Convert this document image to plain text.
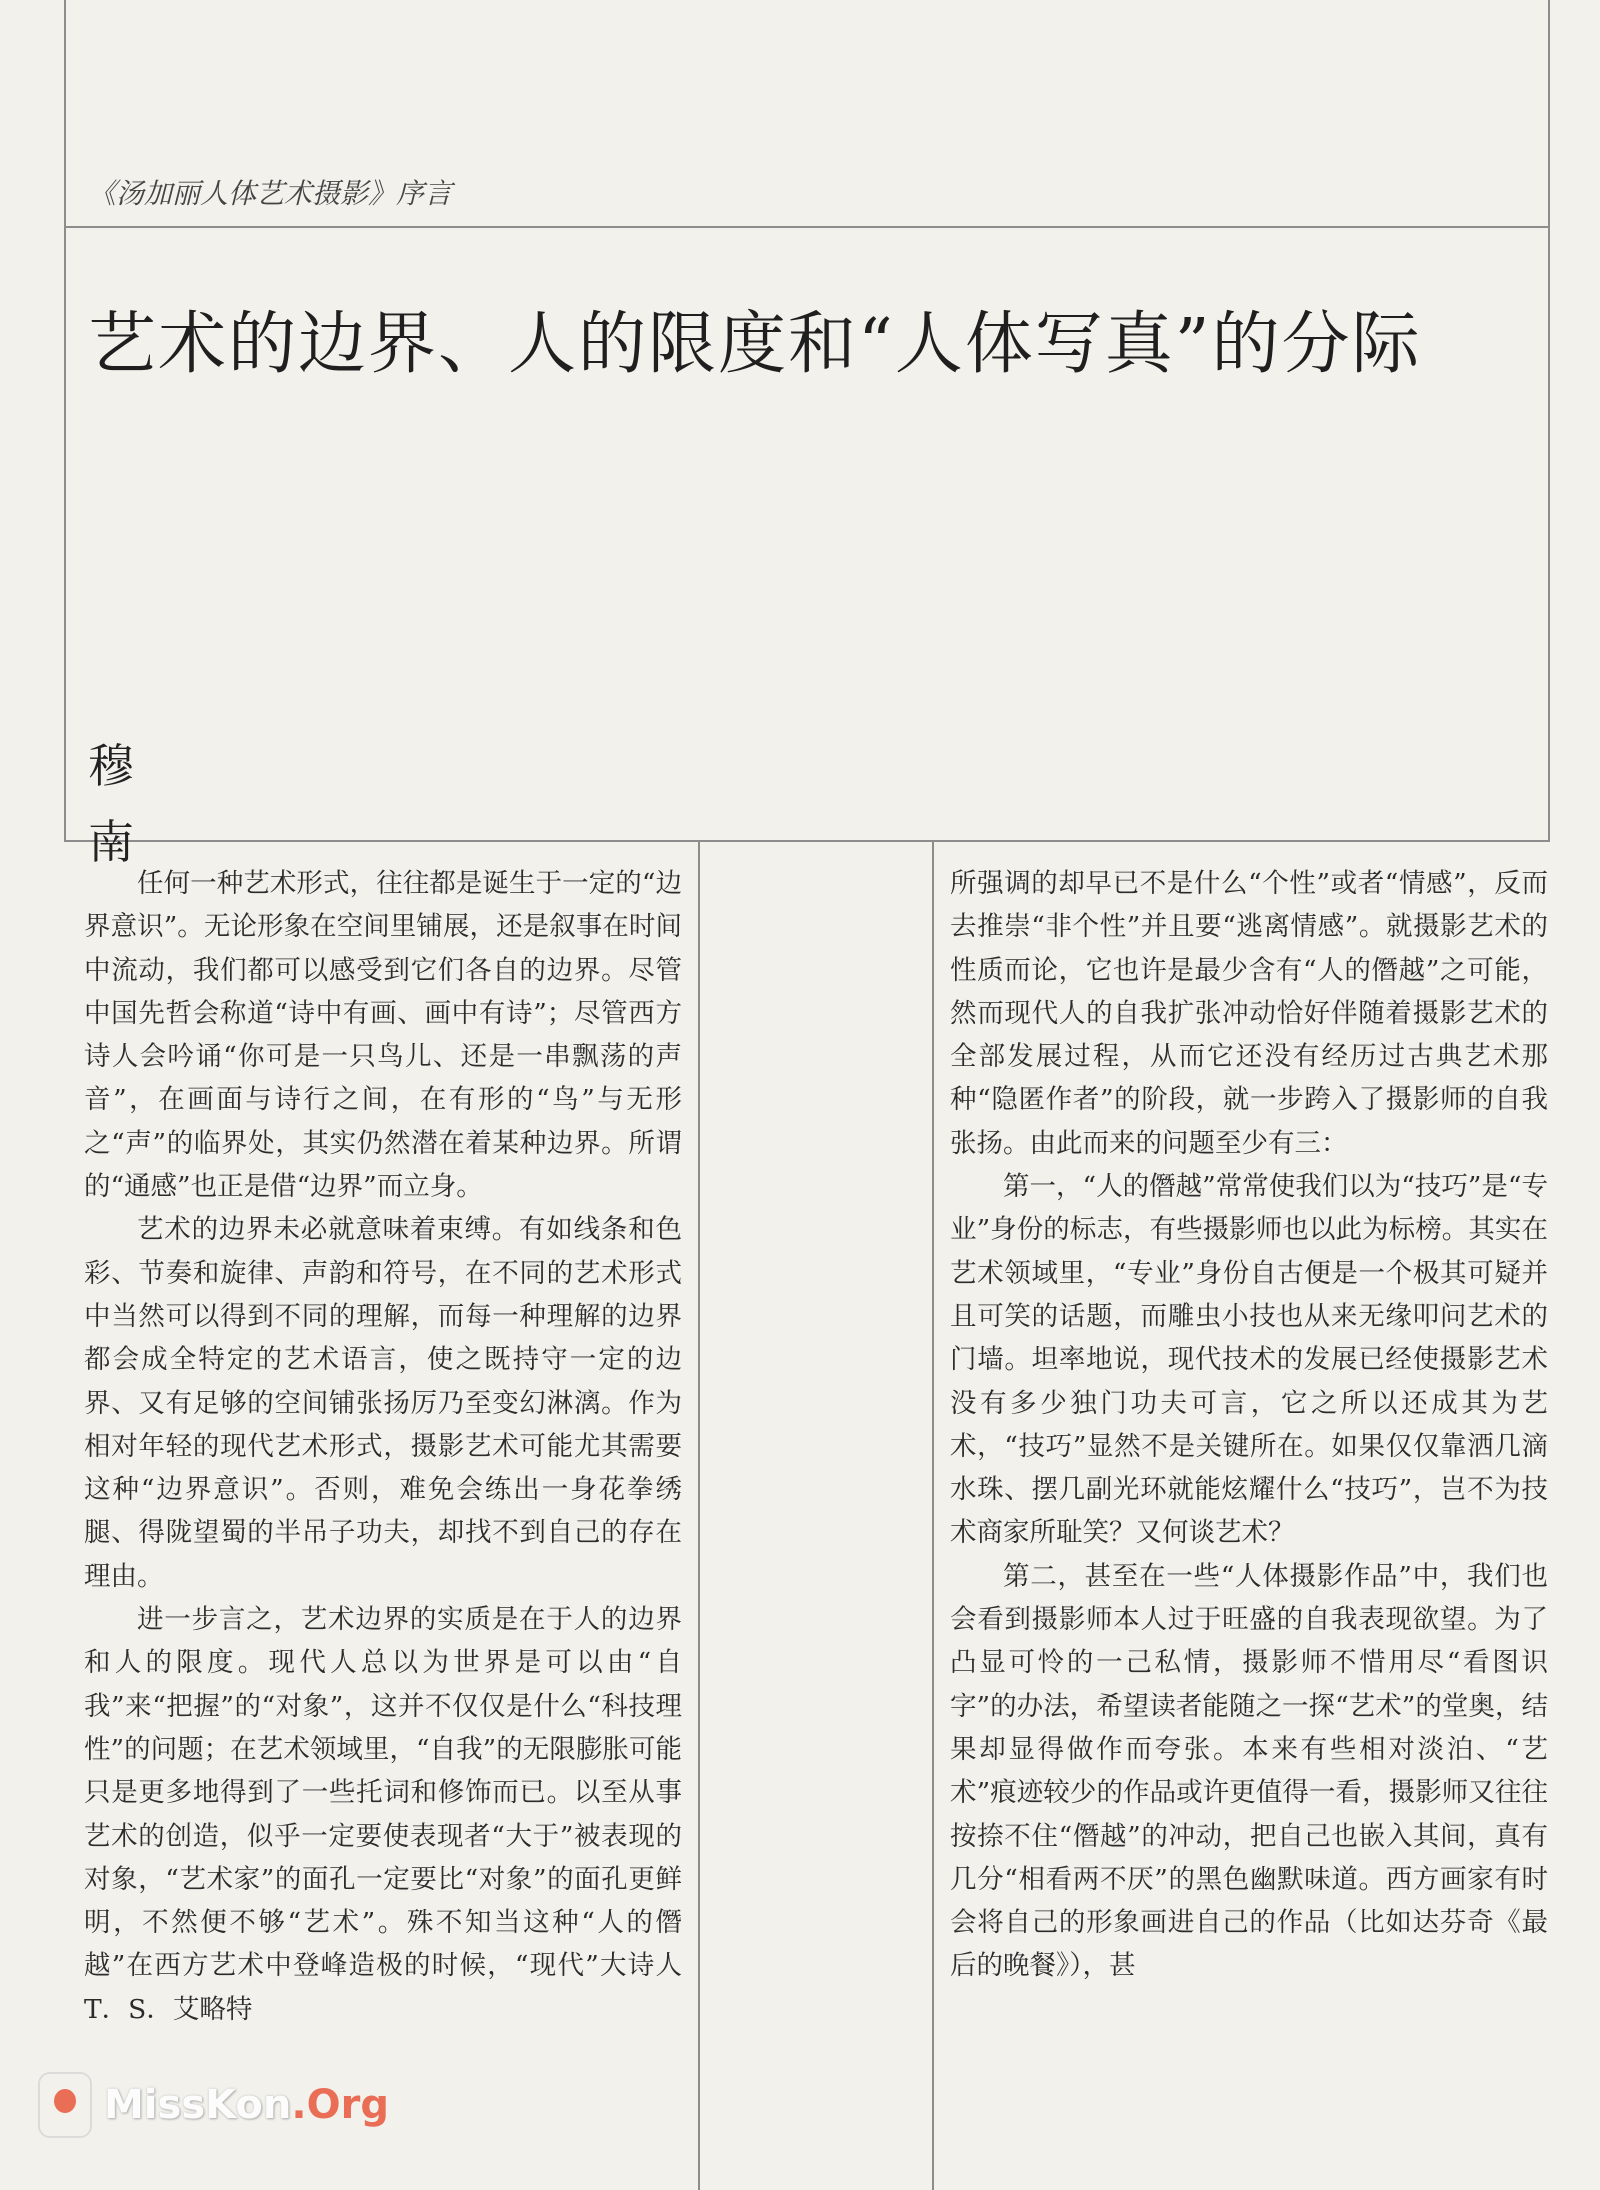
《汤加丽人体艺术摄影》序言
艺术的边界、人的限度和“人体写真”的分际
穆
南

任何一种艺术形式，往往都是诞生于一定的“边界意识”。无论形象在空间里铺展，还是叙事在时间中流动，我们都可以感受到它们各自的边界。尽管中国先哲会称道“诗中有画、画中有诗”；尽管西方诗人会吟诵“你可是一只鸟儿、还是一串飘荡的声音”，在画面与诗行之间，在有形的“鸟”与无形之“声”的临界处，其实仍然潜在着某种边界。所谓的“通感”也正是借“边界”而立身。

艺术的边界未必就意味着束缚。有如线条和色彩、节奏和旋律、声韵和符号，在不同的艺术形式中当然可以得到不同的理解，而每一种理解的边界都会成全特定的艺术语言，使之既持守一定的边界、又有足够的空间铺张扬厉乃至变幻淋漓。作为相对年轻的现代艺术形式，摄影艺术可能尤其需要这种“边界意识”。否则，难免会练出一身花拳绣腿、得陇望蜀的半吊子功夫，却找不到自己的存在理由。

进一步言之，艺术边界的实质是在于人的边界和人的限度。现代人总以为世界是可以由“自我”来“把握”的“对象”，这并不仅仅是什么“科技理性”的问题；在艺术领域里，“自我”的无限膨胀可能只是更多地得到了一些托词和修饰而已。以至从事艺术的创造，似乎一定要使表现者“大于”被表现的对象，“艺术家”的面孔一定要比“对象”的面孔更鲜明，不然便不够“艺术”。殊不知当这种“人的僭越”在西方艺术中登峰造极的时候，“现代”大诗人T．S．艾略特

所强调的却早已不是什么“个性”或者“情感”，反而去推崇“非个性”并且要“逃离情感”。就摄影艺术的性质而论，它也许是最少含有“人的僭越”之可能，然而现代人的自我扩张冲动恰好伴随着摄影艺术的全部发展过程，从而它还没有经历过古典艺术那种“隐匿作者”的阶段，就一步跨入了摄影师的自我张扬。由此而来的问题至少有三：

第一，“人的僭越”常常使我们以为“技巧”是“专业”身份的标志，有些摄影师也以此为标榜。其实在艺术领域里，“专业”身份自古便是一个极其可疑并且可笑的话题，而雕虫小技也从来无缘叩问艺术的门墙。坦率地说，现代技术的发展已经使摄影艺术没有多少独门功夫可言，它之所以还成其为艺术，“技巧”显然不是关键所在。如果仅仅靠洒几滴水珠、摆几副光环就能炫耀什么“技巧”，岂不为技术商家所耻笑？又何谈艺术？

第二，甚至在一些“人体摄影作品”中，我们也会看到摄影师本人过于旺盛的自我表现欲望。为了凸显可怜的一己私情，摄影师不惜用尽“看图识字”的办法，希望读者能随之一探“艺术”的堂奥，结果却显得做作而夸张。本来有些相对淡泊、“艺术”痕迹较少的作品或许更值得一看，摄影师又往往按捺不住“僭越”的冲动，把自己也嵌入其间，真有几分“相看两不厌”的黑色幽默味道。西方画家有时会将自己的形象画进自己的作品（比如达芬奇《最后的晚餐》），甚

MissKon .Org
